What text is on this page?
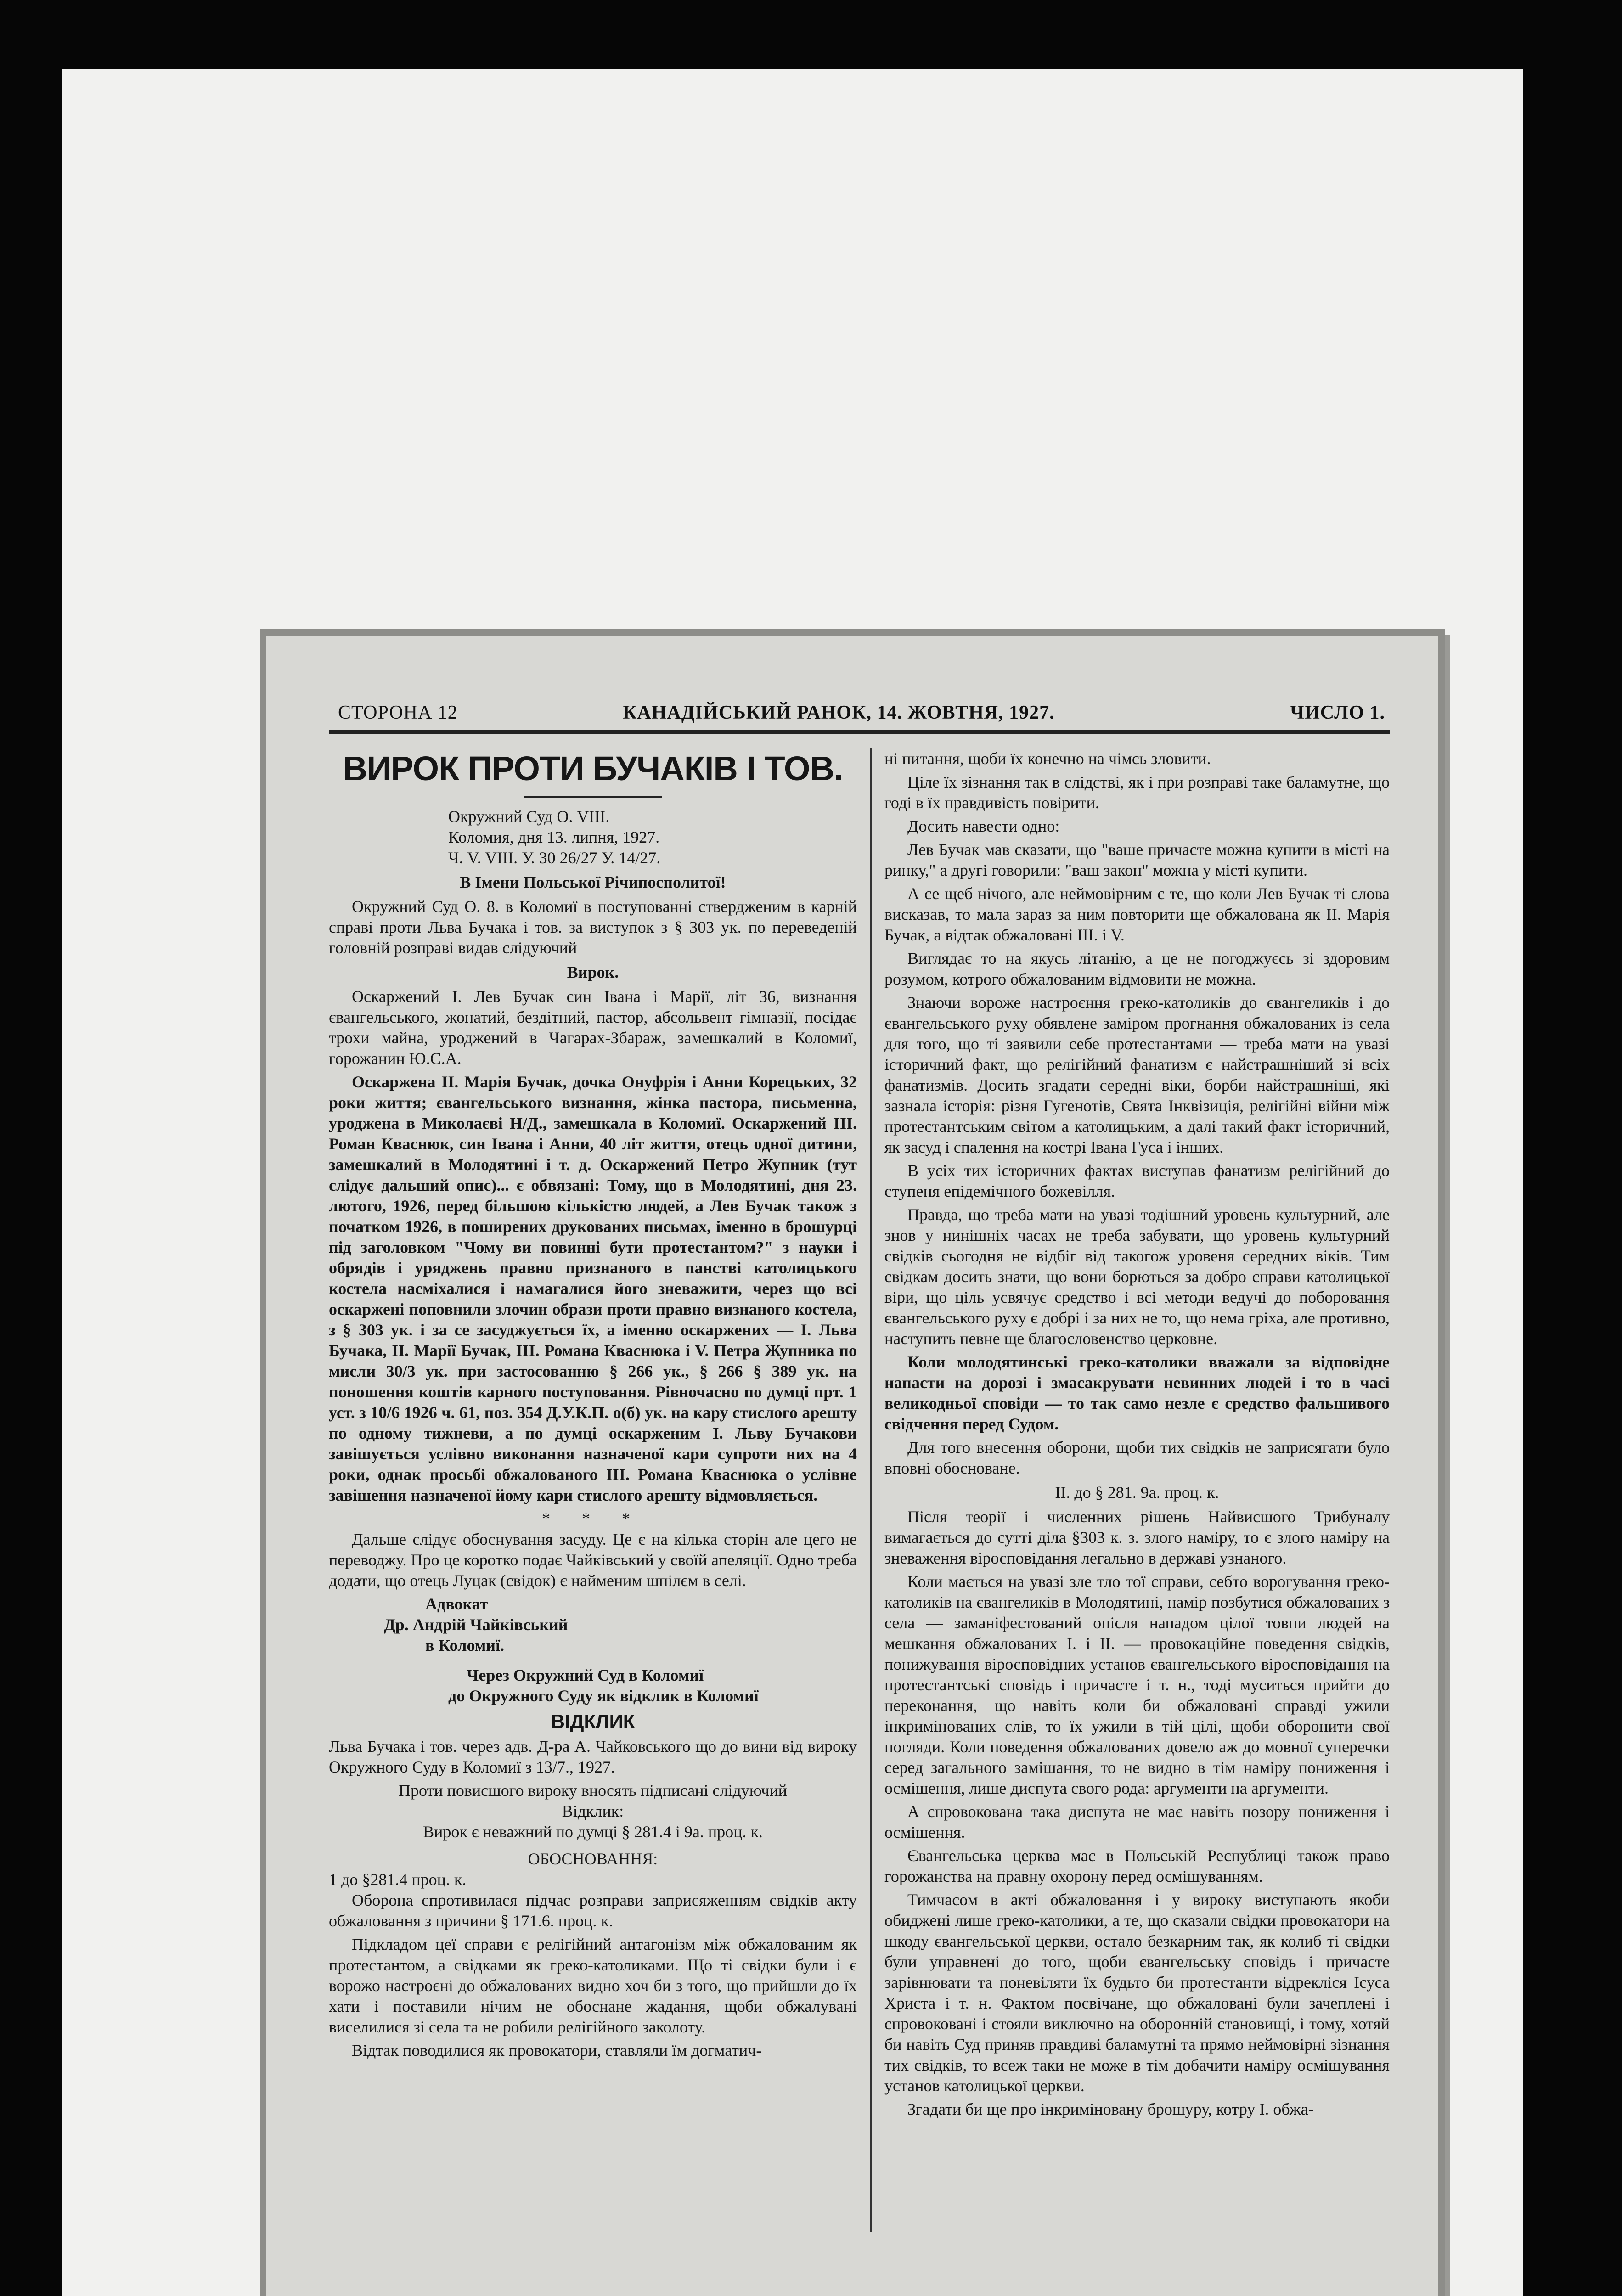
СТОРОНА 12	КАНАДІЙСЬКИЙ РАНОК, 14. ЖОВТНЯ, 1927.	ЧИСЛО 1.
ВИРОК ПРОТИ БУЧАКІВ І ТОВ.
Окружний Суд О. VIII.
Коломия, дня 13. липня, 1927.
Ч. V. VIII. У. 30 26/27 У. 14/27.
В Імени Польської Річипосполитої!

Окружний Суд О. 8. в Коломиї в поступованні ствердженим в карній справі проти Льва Бучака і тов. за виступок з § 303 ук. по переведеній головній розправі видав слідуючий

Вирок.

Оскаржений І. Лев Бучак син Івана і Марії, літ 36, визнання євангельського, жонатий, бездітний, пастор, абсольвент гімназії, посідає трохи майна, уроджений в Чагарах-Збараж, замешкалий в Коломиї, горожанин Ю.С.А.

Оскаржена II. Марія Бучак, дочка Онуфрія і Анни Корецьких, 32 роки життя; євангельського визнання, жінка пастора, письменна, уроджена в Миколаєві Н/Д., замешкала в Коломиї. Оскаржений III. Роман Кваснюк, син Івана і Анни, 40 літ життя, отець одної дитини, замешкалий в Молодятині і т. д. Оскаржений Петро Жупник (тут слідує дальший опис)... є обвязані: Тому, що в Молодятині, дня 23. лютого, 1926, перед більшою кількістю людей, а Лев Бучак також з початком 1926, в поширених друкованих письмах, іменно в брошурці під заголовком "Чому ви повинні бути протестантом?" з науки і обрядів і уряджень правно признаного в панстві католицького костела насміхалися і намагалися його зневажити, через що всі оскаржені поповнили злочин образи проти правно визнаного костела, з § 303 ук. і за се засуджується їх, а іменно оскаржених — І. Льва Бучака, II. Марії Бучак, III. Романа Кваснюка і V. Петра Жупника по мисли 30/3 ук. при застосованню § 266 ук., § 266 § 389 ук. на поношення коштів карного поступовання. Рівночасно по думці прт. 1 уст. з 10/6 1926 ч. 61, поз. 354 Д.У.К.П. о(б) ук. на кару стислого арешту по одному тижневи, а по думці оскарженим І. Льву Бучакови завішується услівно виконання назначеної кари супроти них на 4 роки, однак просьбі обжалованого III. Романа Кваснюка о услівне завішення назначеної йому кари стислого арешту відмовляється.

* * *

Дальше слідує обоснування засуду. Це є на кілька сторін але цего не переводжу. Про це коротко подає Чайківський у своїй апеляції. Одно треба додати, що отець Луцак (свідок) є найменим шпілєм в селі.

Адвокат
Др. Андрій Чайківський
в Коломиї.
Через Окружний Суд в Коломиї
до Окружного Суду як відклик в Коломиї
ВІДКЛИК

Льва Бучака і тов. через адв. Д-ра А. Чайковського що до вини від вироку Окружного Суду в Коломиї з 13/7., 1927.

Проти повисшого вироку вносять підписані слідуючий
Відклик:
Вирок є неважний по думці § 281.4 і 9а. проц. к.
ОБОСНОВАННЯ:
1 до §281.4 проц. к.

Оборона спротивилася підчас розправи заприсяженням свідків акту обжаловання з причини § 171.6. проц. к.

Підкладом цеї справи є релігійний антагонізм між обжалованим як протестантом, а свідками як греко-католиками. Що ті свідки були і є ворожо настроєні до обжалованих видно хоч би з того, що прийшли до їх хати і поставили нічим не обоснане жадання, щоби обжалувані виселилися зі села та не робили релігійного заколоту.

Відтак поводилися як провокатори, ставляли їм догматич-

ні питання, щоби їх конечно на чімсь зловити.

Ціле їх зізнання так в слідстві, як і при розправі таке баламутне, що годі в їх правдивість повірити.

Досить навести одно:

Лев Бучак мав сказати, що "ваше причасте можна купити в місті на ринку," а другі говорили: "ваш закон" можна у місті купити.

А се щеб нічого, але неймовірним є те, що коли Лев Бучак ті слова висказав, то мала зараз за ним повторити ще обжалована як II. Марія Бучак, а відтак обжаловані III. і V.

Виглядає то на якусь літанію, а це не погоджуєсь зі здоровим розумом, котрого обжалованим відмовити не можна.

Знаючи вороже настроєння греко-католиків до євангеликів і до євангельського руху обявлене заміром прогнання обжалованих із села для того, що ті заявили себе протестантами — треба мати на увазі історичний факт, що релігійний фанатизм є найстрашніший зі всіх фанатизмів. Досить згадати середні віки, борби найстрашніші, які зазнала історія: різня Гугенотів, Свята Інквізиція, релігійні війни між протестантським світом а католицьким, а далі такий факт історичний, як засуд і спалення на кострі Івана Гуса і інших.

В усіх тих історичних фактах виступав фанатизм релігійний до ступеня епідемічного божевілля.

Правда, що треба мати на увазі тодішний уровень культурний, але знов у нинішніх часах не треба забувати, що уровень культурний свідків сьогодня не відбіг від такогож уровеня середних віків. Тим свідкам досить знати, що вони борються за добро справи католицької віри, що ціль усвячує средство і всі методи ведучі до поборовання євангельського руху є добрі і за них не то, що нема гріха, але противно, наступить певне ще благословенство церковне.

Коли молодятинські греко-католики вважали за відповідне напасти на дорозі і змасакрувати невинних людей і то в часі великодньої сповіди — то так само незле є средство фальшивого свідчення перед Судом.

Для того внесення оборони, щоби тих свідків не заприсягати було вповні обосноване.

II. до § 281. 9а. проц. к.

Після теорії і численних рішень Найвисшого Трибуналу вимагається до сутті діла §303 к. з. злого наміру, то є злого наміру на зневаження віросповідання легально в державі узнаного.

Коли мається на увазі зле тло тої справи, себто ворогування греко-католиків на євангеликів в Молодятині, намір позбутися обжалованих з села — заманіфестований опісля нападом цілої товпи людей на мешкання обжалованих І. і II. — провокаційне поведення свідків, понижування віросповідних установ євангельського віросповідання на протестантські сповідь і причасте і т. н., тоді муситься прийти до переконання, що навіть коли би обжаловані справді ужили інкримінованих слів, то їх ужили в тій цілі, щоби оборонити свої погляди. Коли поведення обжалованих довело аж до мовної суперечки серед загального замішання, то не видно в тім наміру пониження і осмішення, лише диспута свого рода: аргументи на аргументи.

А спровокована така диспута не має навіть позору пониження і осмішення.

Євангельська церква має в Польській Республиці також право горожанства на правну охорону перед осмішуванням.

Тимчасом в акті обжаловання і у вироку виступають якоби обиджені лише греко-католики, а те, що сказали свідки провокатори на шкоду євангельської церкви, остало безкарним так, як колиб ті свідки були управнені до того, щоби євангельську сповідь і причасте зарівнювати та поневіляти їх будьто би протестанти відрекліся Ісуса Христа і т. н. Фактом посвічане, що обжаловані були зачеплені і спровоковані і стояли виключно на оборонній становищі, і тому, хотяй би навіть Суд приняв правдиві баламутні та прямо неймовірні зізнання тих свідків, то всеж таки не може в тім добачити наміру осмішування установ католицької церкви.

Згадати би ще про інкриміновану брошуру, котру І. обжа-
